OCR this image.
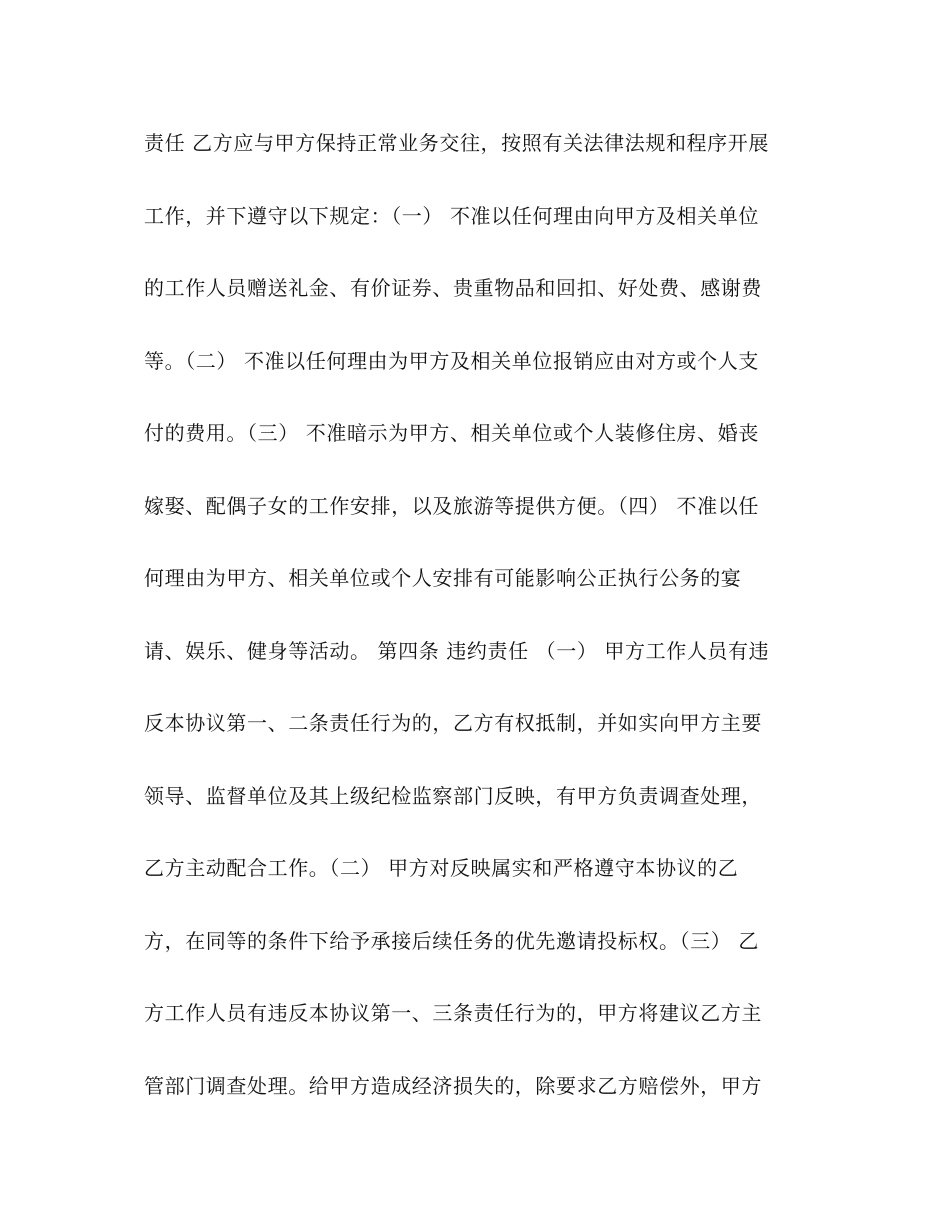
责任 乙方应与甲方保持正常业务交往，按照有关法律法规和程序开展
工作，并下遵守以下规定：（一） 不准以任何理由向甲方及相关单位
的工作人员赠送礼金、有价证券、贵重物品和回扣、好处费、感谢费
等。（二） 不准以任何理由为甲方及相关单位报销应由对方或个人支
付的费用。（三） 不准暗示为甲方、相关单位或个人装修住房、婚丧
嫁娶、配偶子女的工作安排，以及旅游等提供方便。（四） 不准以任
何理由为甲方、相关单位或个人安排有可能影响公正执行公务的宴
请、娱乐、健身等活动。 第四条 违约责任 （一） 甲方工作人员有违
反本协议第一、二条责任行为的，乙方有权抵制，并如实向甲方主要
领导、监督单位及其上级纪检监察部门反映，有甲方负责调查处理，
乙方主动配合工作。（二） 甲方对反映属实和严格遵守本协议的乙
方，在同等的条件下给予承接后续任务的优先邀请投标权。（三） 乙
方工作人员有违反本协议第一、三条责任行为的，甲方将建议乙方主
管部门调查处理。给甲方造成经济损失的，除要求乙方赔偿外，甲方
